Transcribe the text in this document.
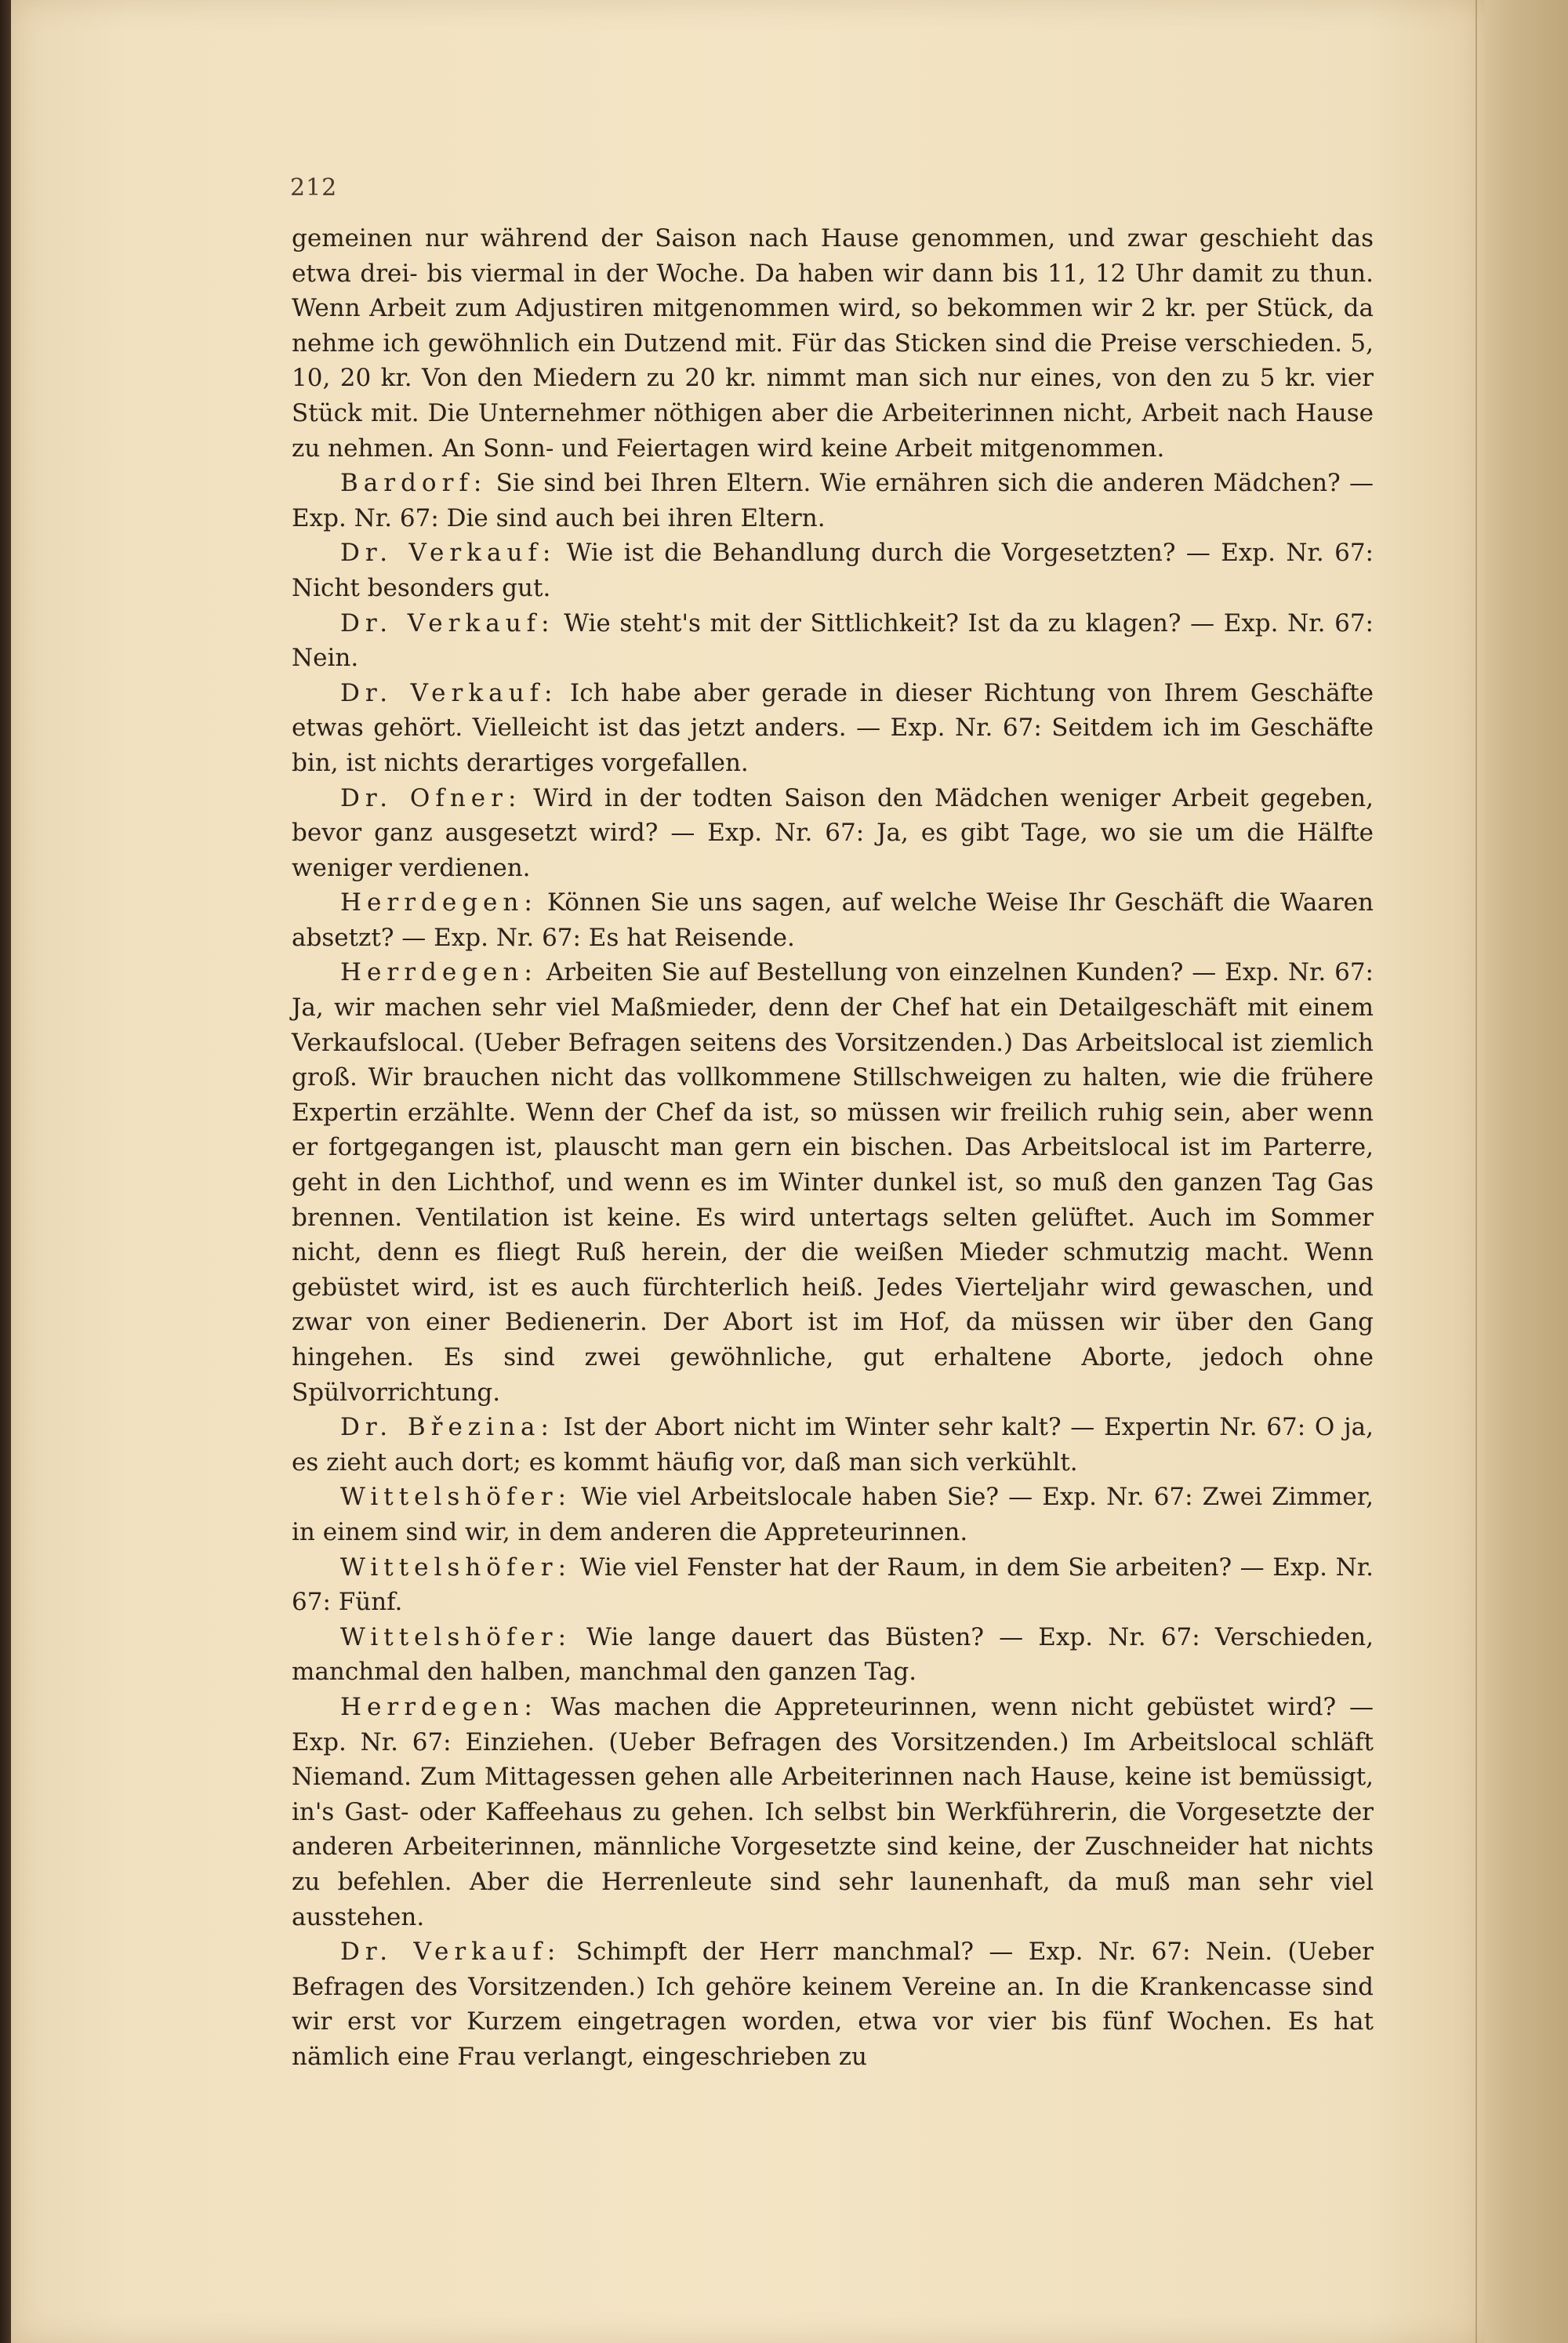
212

gemeinen nur während der Saison nach Hause genommen, und zwar geschieht das etwa drei- bis viermal in der Woche. Da haben wir dann bis 11, 12 Uhr damit zu thun. Wenn Arbeit zum Adjustiren mitgenommen wird, so bekommen wir 2 kr. per Stück, da nehme ich gewöhnlich ein Dutzend mit. Für das Sticken sind die Preise verschieden. 5, 10, 20 kr. Von den Miedern zu 20 kr. nimmt man sich nur eines, von den zu 5 kr. vier Stück mit. Die Unternehmer nöthigen aber die Arbeiterinnen nicht, Arbeit nach Hause zu nehmen. An Sonn- und Feiertagen wird keine Arbeit mitgenommen.

Bardorf: Sie sind bei Ihren Eltern. Wie ernähren sich die anderen Mädchen? — Exp. Nr. 67: Die sind auch bei ihren Eltern.

Dr. Verkauf: Wie ist die Behandlung durch die Vorgesetzten? — Exp. Nr. 67: Nicht besonders gut.

Dr. Verkauf: Wie steht's mit der Sittlichkeit? Ist da zu klagen? — Exp. Nr. 67: Nein.

Dr. Verkauf: Ich habe aber gerade in dieser Richtung von Ihrem Geschäfte etwas gehört. Vielleicht ist das jetzt anders. — Exp. Nr. 67: Seitdem ich im Geschäfte bin, ist nichts derartiges vorgefallen.

Dr. Ofner: Wird in der todten Saison den Mädchen weniger Arbeit gegeben, bevor ganz ausgesetzt wird? — Exp. Nr. 67: Ja, es gibt Tage, wo sie um die Hälfte weniger verdienen.

Herrdegen: Können Sie uns sagen, auf welche Weise Ihr Geschäft die Waaren absetzt? — Exp. Nr. 67: Es hat Reisende.

Herrdegen: Arbeiten Sie auf Bestellung von einzelnen Kunden? — Exp. Nr. 67: Ja, wir machen sehr viel Maßmieder, denn der Chef hat ein Detailgeschäft mit einem Verkaufslocal. (Ueber Befragen seitens des Vorsitzenden.) Das Arbeitslocal ist ziemlich groß. Wir brauchen nicht das vollkommene Stillschweigen zu halten, wie die frühere Expertin erzählte. Wenn der Chef da ist, so müssen wir freilich ruhig sein, aber wenn er fortgegangen ist, plauscht man gern ein bischen. Das Arbeitslocal ist im Parterre, geht in den Lichthof, und wenn es im Winter dunkel ist, so muß den ganzen Tag Gas brennen. Ventilation ist keine. Es wird untertags selten gelüftet. Auch im Sommer nicht, denn es fliegt Ruß herein, der die weißen Mieder schmutzig macht. Wenn gebüstet wird, ist es auch fürchterlich heiß. Jedes Vierteljahr wird gewaschen, und zwar von einer Bedienerin. Der Abort ist im Hof, da müssen wir über den Gang hingehen. Es sind zwei gewöhnliche, gut erhaltene Aborte, jedoch ohne Spülvorrichtung.

Dr. Březina: Ist der Abort nicht im Winter sehr kalt? — Expertin Nr. 67: O ja, es zieht auch dort; es kommt häufig vor, daß man sich verkühlt.

Wittelshöfer: Wie viel Arbeitslocale haben Sie? — Exp. Nr. 67: Zwei Zimmer, in einem sind wir, in dem anderen die Appreteurinnen.

Wittelshöfer: Wie viel Fenster hat der Raum, in dem Sie arbeiten? — Exp. Nr. 67: Fünf.

Wittelshöfer: Wie lange dauert das Büsten? — Exp. Nr. 67: Verschieden, manchmal den halben, manchmal den ganzen Tag.

Herrdegen: Was machen die Appreteurinnen, wenn nicht gebüstet wird? — Exp. Nr. 67: Einziehen. (Ueber Befragen des Vorsitzenden.) Im Arbeitslocal schläft Niemand. Zum Mittagessen gehen alle Arbeiterinnen nach Hause, keine ist bemüssigt, in's Gast- oder Kaffeehaus zu gehen. Ich selbst bin Werkführerin, die Vorgesetzte der anderen Arbeiterinnen, männliche Vorgesetzte sind keine, der Zuschneider hat nichts zu befehlen. Aber die Herrenleute sind sehr launenhaft, da muß man sehr viel ausstehen.

Dr. Verkauf: Schimpft der Herr manchmal? — Exp. Nr. 67: Nein. (Ueber Befragen des Vorsitzenden.) Ich gehöre keinem Vereine an. In die Krankencasse sind wir erst vor Kurzem eingetragen worden, etwa vor vier bis fünf Wochen. Es hat nämlich eine Frau verlangt, eingeschrieben zu
